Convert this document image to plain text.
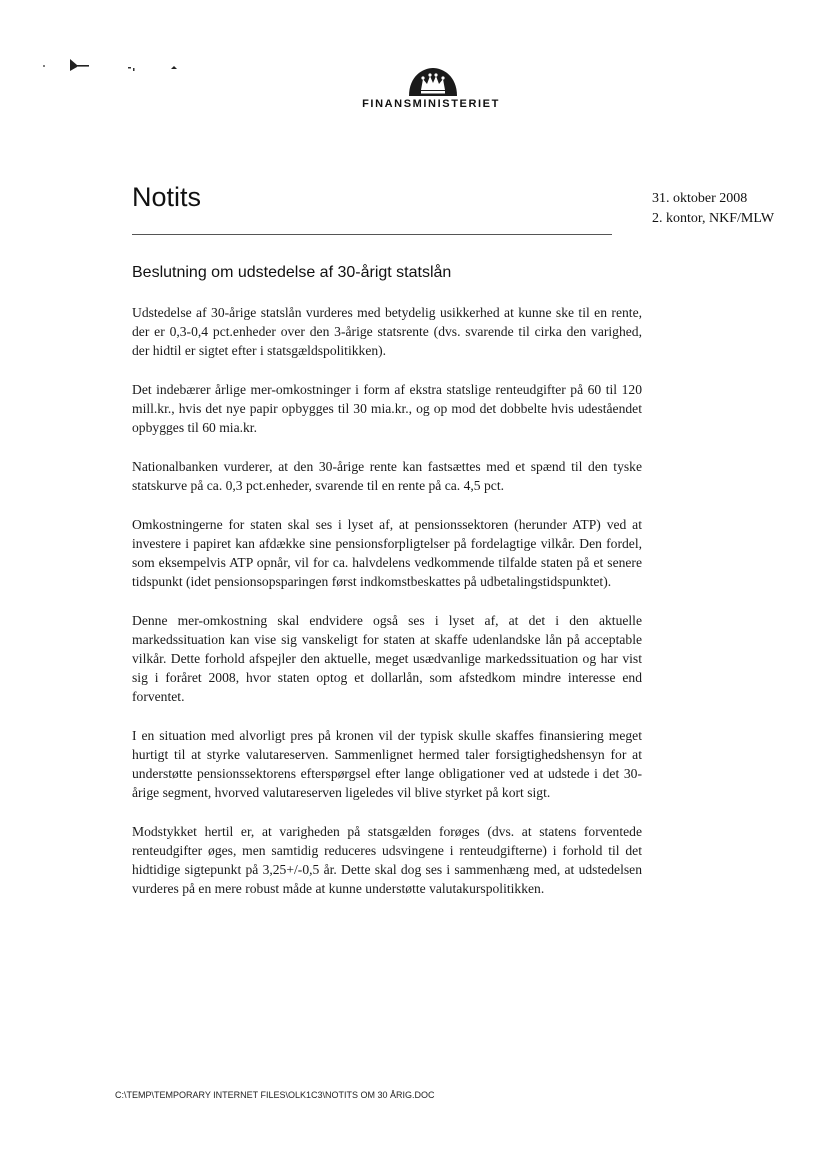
FINANSMINISTERIET
Notits	31. oktober 2008
2. kontor, NKF/MLW
Beslutning om udstedelse af 30-årigt statslån

Udstedelse af 30-årige statslån vurderes med betydelig usikkerhed at kunne ske til en rente, der er 0,3-0,4 pct.enheder over den 3-årige statsrente (dvs. svarende til cirka den varighed, der hidtil er sigtet efter i statsgældspolitikken).

Det indebærer årlige mer-omkostninger i form af ekstra statslige renteudgifter på 60 til 120 mill.kr., hvis det nye papir opbygges til 30 mia.kr., og op mod det dobbelte hvis udeståendet opbygges til 60 mia.kr.

Nationalbanken vurderer, at den 30-årige rente kan fastsættes med et spænd til den tyske statskurve på ca. 0,3 pct.enheder, svarende til en rente på ca. 4,5 pct.

Omkostningerne for staten skal ses i lyset af, at pensionssektoren (herunder ATP) ved at investere i papiret kan afdække sine pensionsforpligtelser på fordelagtige vilkår. Den fordel, som eksempelvis ATP opnår, vil for ca. halvdelens vedkommende tilfalde staten på et senere tidspunkt (idet pensionsopsparingen først indkomstbeskattes på udbetalingstidspunktet).

Denne mer-omkostning skal endvidere også ses i lyset af, at det i den aktuelle markedssituation kan vise sig vanskeligt for staten at skaffe udenlandske lån på acceptable vilkår. Dette forhold afspejler den aktuelle, meget usædvanlige markedssituation og har vist sig i foråret 2008, hvor staten optog et dollarlån, som afstedkom mindre interesse end forventet.

I en situation med alvorligt pres på kronen vil der typisk skulle skaffes finansiering meget hurtigt til at styrke valutareserven. Sammenlignet hermed taler forsigtighedshensyn for at understøtte pensionssektorens efterspørgsel efter lange obligationer ved at udstede i det 30-årige segment, hvorved valutareserven ligeledes vil blive styrket på kort sigt.

Modstykket hertil er, at varigheden på statsgælden forøges (dvs. at statens forventede renteudgifter øges, men samtidig reduceres udsvingene i renteudgifterne) i forhold til det hidtidige sigtepunkt på 3,25+/-0,5 år. Dette skal dog ses i sammenhæng med, at udstedelsen vurderes på en mere robust måde at kunne understøtte valutakurspolitikken.

C:\TEMP\TEMPORARY INTERNET FILES\OLK1C3\NOTITS OM 30 ÅRIG.DOC
